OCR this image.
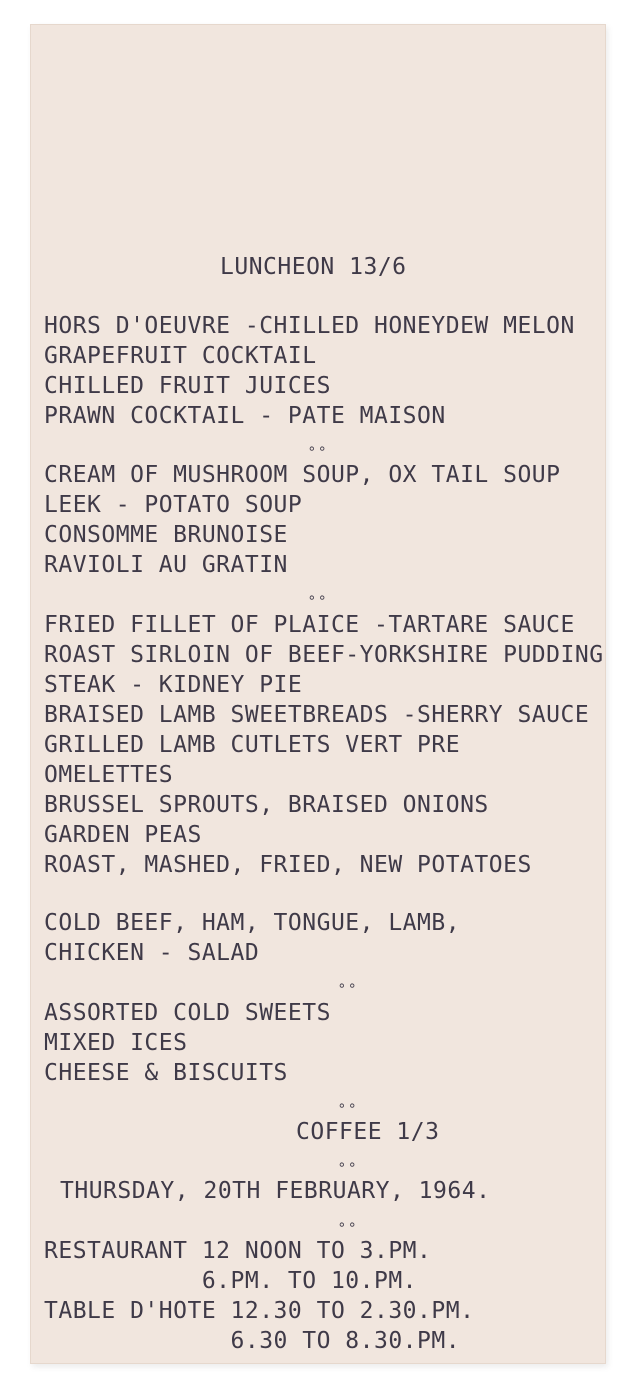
LUNCHEON 13/6
HORS D'OEUVRE -CHILLED HONEYDEW MELON
GRAPEFRUIT COCKTAIL
CHILLED FRUIT JUICES
PRAWN COCKTAIL - PATE MAISON
∘∘
CREAM OF MUSHROOM SOUP, OX TAIL SOUP
LEEK - POTATO SOUP
CONSOMME BRUNOISE
RAVIOLI AU GRATIN
∘∘
FRIED FILLET OF PLAICE -TARTARE SAUCE
ROAST SIRLOIN OF BEEF-YORKSHIRE PUDDING
STEAK - KIDNEY PIE
BRAISED LAMB SWEETBREADS -SHERRY SAUCE
GRILLED LAMB CUTLETS VERT PRE
OMELETTES
BRUSSEL SPROUTS, BRAISED ONIONS
GARDEN PEAS
ROAST, MASHED, FRIED, NEW POTATOES
COLD BEEF, HAM, TONGUE, LAMB,
CHICKEN - SALAD
∘∘
ASSORTED COLD SWEETS
MIXED ICES
CHEESE & BISCUITS
∘∘
COFFEE 1/3
∘∘
THURSDAY, 20TH FEBRUARY, 1964.
∘∘
RESTAURANT 12 NOON TO 3.PM.
6.PM. TO 10.PM.
TABLE D'HOTE 12.30 TO 2.30.PM.
6.30 TO 8.30.PM.
